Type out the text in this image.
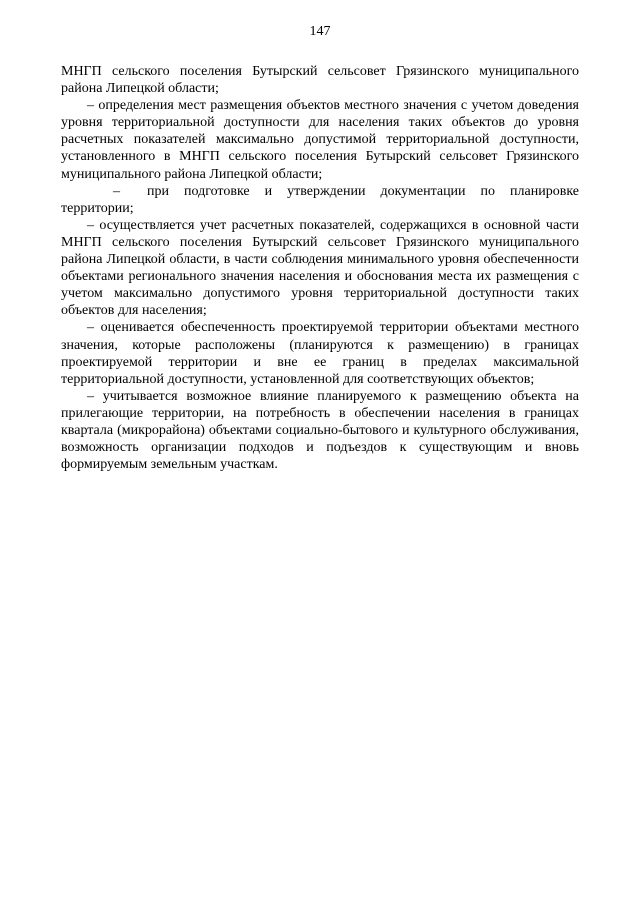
147

МНГП сельского поселения Бутырский сельсовет Грязинского муниципального района Липецкой области;

– определения мест размещения объектов местного значения с учетом доведения уровня территориальной доступности для населения таких объектов до уровня расчетных показателей максимально допустимой территориальной доступности, установленного в МНГП сельского поселения Бутырский сельсовет Грязинского муниципального района Липецкой области;

– при подготовке и утверждении документации по планировке территории;

– осуществляется учет расчетных показателей, содержащихся в основной части МНГП сельского поселения Бутырский сельсовет Грязинского муниципального района Липецкой области, в части соблюдения минимального уровня обеспеченности объектами регионального значения населения и обоснования места их размещения с учетом максимально допустимого уровня территориальной доступности таких объектов для населения;

– оценивается обеспеченность проектируемой территории объектами местного значения, которые расположены (планируются к размещению) в границах проектируемой территории и вне ее границ в пределах максимальной территориальной доступности, установленной для соответствующих объектов;

– учитывается возможное влияние планируемого к размещению объекта на прилегающие территории, на потребность в обеспечении населения в границах квартала (микрорайона) объектами социально-бытового и культурного обслуживания, возможность организации подходов и подъездов к существующим и вновь формируемым земельным участкам.
